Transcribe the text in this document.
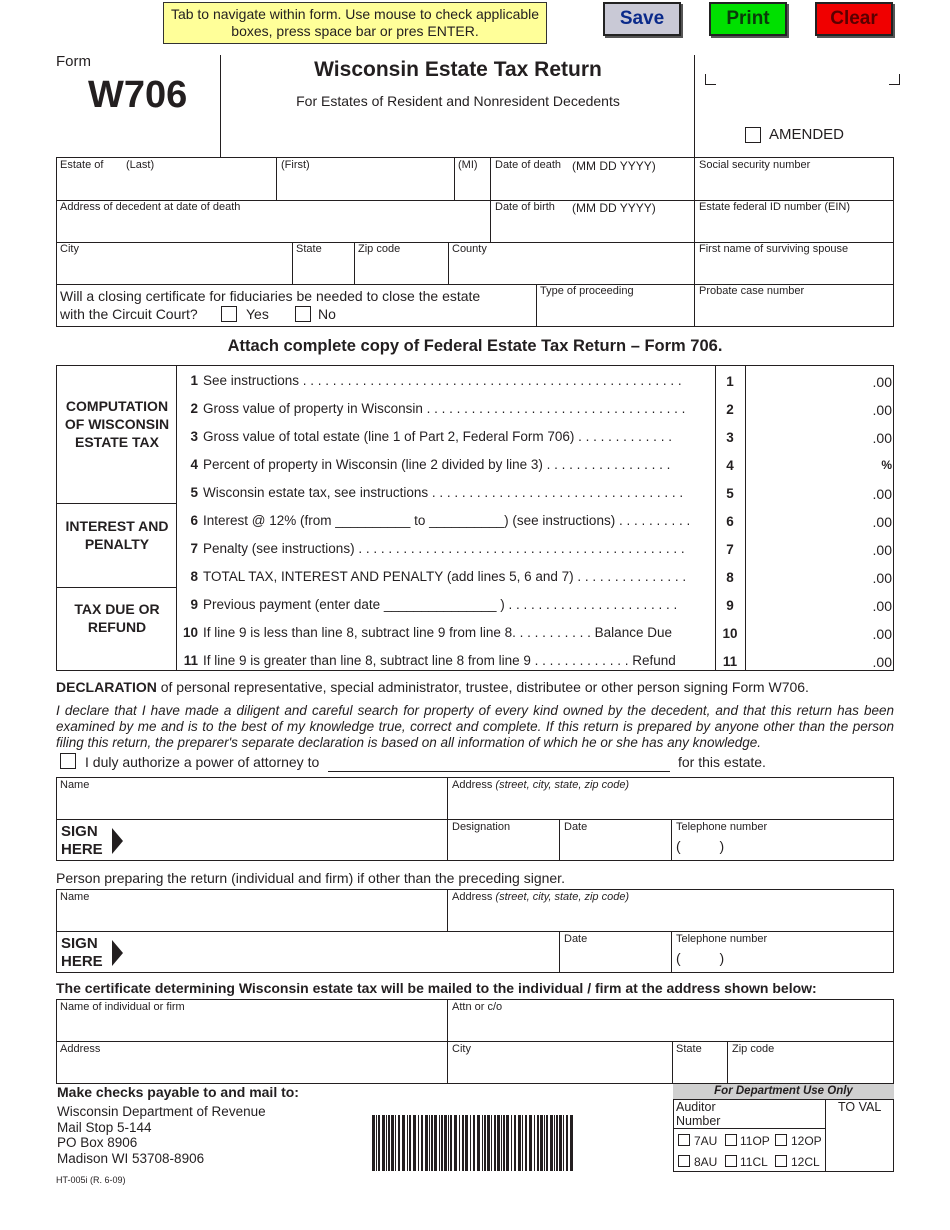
Tab to navigate within form. Use mouse to check applicable boxes, press space bar or pres ENTER.
Save	Print	Clear
Form
W706
Wisconsin Estate Tax Return
For Estates of Resident and Nonresident Decedents
AMENDED
Estate of (Last)	(First)	(MI) Date of death (MM DD YYYY)	Social security number
Address of decedent at date of death	Date of birth (MM DD YYYY)	Estate federal ID number (EIN)
City	State	Zip code	County	First name of surviving spouse
Will a closing certificate for fiduciaries be needed to close the estate
with the Circuit Court?	Yes	No
Type of proceeding	Probate case number
Attach complete copy of Federal Estate Tax Return – Form 706.
COMPUTATION OF WISCONSIN ESTATE TAX
INTEREST AND PENALTY
TAX DUE OR REFUND
1 See instructions . . . . . . . . . . . . . . . . . . . . . . . . . . . . . . . . . . . . . . . . . . . . . . . . . . .	1	.00
2 Gross value of property in Wisconsin . . . . . . . . . . . . . . . . . . . . . . . . . . . . . . . . . . .	2	.00
3 Gross value of total estate (line 1 of Part 2, Federal Form 706) . . . . . . . . . . . . .	3	.00
4 Percent of property in Wisconsin (line 2 divided by line 3) . . . . . . . . . . . . . . . . .	4	%
5 Wisconsin estate tax, see instructions . . . . . . . . . . . . . . . . . . . . . . . . . . . . . . . . . .	5	.00
6 Interest @ 12% (from __________ to __________) (see instructions) . . . . . . . . . .	6	.00
7 Penalty (see instructions) . . . . . . . . . . . . . . . . . . . . . . . . . . . . . . . . . . . . . . . . . . . .	7	.00
8 TOTAL TAX, INTEREST AND PENALTY (add lines 5, 6 and 7) . . . . . . . . . . . . . . .	8	.00
9 Previous payment (enter date _______________ ) . . . . . . . . . . . . . . . . . . . . . . .	9	.00
10 If line 9 is less than line 8, subtract line 9 from line 8. . . . . . . . . . . Balance Due	10	.00
11 If line 9 is greater than line 8, subtract line 8 from line 9 . . . . . . . . . . . . . Refund	11	.00
DECLARATION of personal representative, special administrator, trustee, distributee or other person signing Form W706.
I declare that I have made a diligent and careful search for property of every kind owned by the decedent, and that this return has been examined by me and is to the best of my knowledge true, correct and complete. If this return is prepared by anyone other than the person filing this return, the preparer's separate declaration is based on all information of which he or she has any knowledge.
I duly authorize a power of attorney to	for this estate.
Name	Address (street, city, state, zip code)
SIGN
HERE
Designation	Date	Telephone number
(          )
Person preparing the return (individual and firm) if other than the preceding signer.
Name	Address (street, city, state, zip code)
SIGN
HERE
Date	Telephone number
(          )
The certificate determining Wisconsin estate tax will be mailed to the individual / firm at the address shown below:
Name of individual or firm	Attn or c/o
Address	City	State	Zip code
Make checks payable to and mail to:
Wisconsin Department of Revenue
Mail Stop 5-144
PO Box 8906
Madison WI 53708-8906
For Department Use Only
Auditor
Number
TO VAL
7AU 11OP 12OP
8AU 11CL 12CL
HT-005i (R. 6-09)
